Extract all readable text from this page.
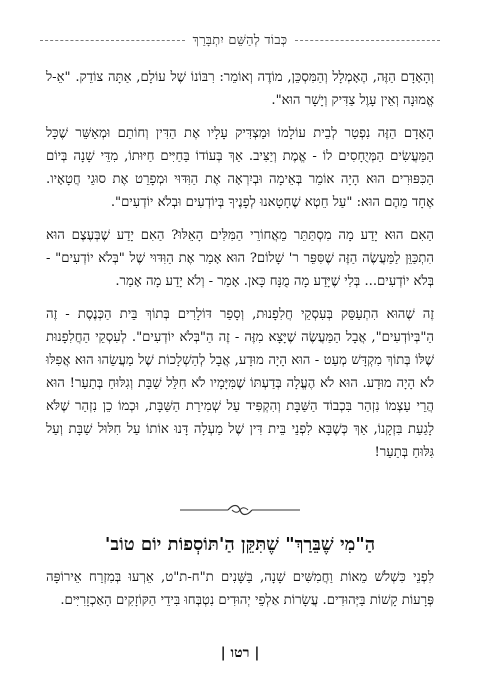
כְּבוֹד לְהַשֵּׁם יִתְבָּרַךְ

וְהָאָדָם הַזֶּה, הֶאָמְלָל וְהַמִּסְכֵּן, מוֹדֶה וְאוֹמֵר: רִבּוֹנוֹ שֶׁל עוֹלָם, אַתָּה צוֹדֵק. "אֵ-ל אֱמוּנָה וְאֵין עָוֶל צַדִּיק וְיָשָׁר הוּא".

הָאָדָם הַזֶּה נִפְטַר לְבֵית עוֹלָמוֹ וּמַצְדִּיק עָלָיו אֶת הַדִּין וְחוֹתֵם וּמְאַשֵּׁר שֶׁכָּל הַמַּעֲשִׂים הַמְּיֻחָסִים לוֹ - אֱמֶת וְיַצִּיב. אַךְ בְּעוֹדוֹ בַּחַיִּים חַיּוּתוֹ, מִדֵּי שָׁנָה בְּיוֹם הַכִּפּוּרִים הוּא הָיָה אוֹמֵר בְּאֵימָה וּבְיִרְאָה אֶת הַוִּדּוּי וּמְפָרֵט אֶת סוּגֵי חֲטָאָיו. אֶחָד מֵהֶם הוּא: "עַל חֵטְא שֶׁחָטָאנוּ לְפָנֶיךָ בְּיוֹדְעִים וּבְלֹא יוֹדְעִים".

הַאִם הוּא יָדַע מָה מִסְתַּתֵּר מֵאֲחוֹרֵי הַמִּלִּים הָאֵלּוּ? הַאִם יָדַע שֶׁבְּעֶצֶם הוּא הִתְכַּוֵּן לַמַּעֲשֶׂה הַזֶּה שֶׁסִּפֵּר ר' שָׁלוֹם? הוּא אָמַר אֶת הַוִּדּוּי שֶׁל "בְּלֹא יוֹדְעִים" - בְּלֹא יוֹדְעִים... בְּלִי שֶׁיָּדַע מָה מֻנָּח כָּאן. אָמַר - וְלֹא יָדַע מָה אָמַר.

זֶה שֶׁהוּא הִתְעַסֵּק בְּעִסְקֵי חֲלִפָנוּת, וְסָפַר דּוֹלָרִים בְּתוֹךְ בֵּית הַכְּנֶסֶת - זֶה הַ"בְּיוֹדְעִים", אֲבָל הַמַּעֲשֶׂה שֶׁיָּצָא מִזֶּה - זֶה הַ"בְּלֹא יוֹדְעִים". לְעִסְקֵי הַחֲלִפָנוּת שֶׁלּוֹ בְּתוֹךְ מִקְדָּשׁ מְעַט - הוּא הָיָה מוּדָע, אֲבָל לְהַשְׁלָכוֹת שֶׁל מַעֲשֵׂהוּ הוּא אֲפִלּוּ לֹא הָיָה מוּדָע. הוּא לֹא הֶעֱלָה בְּדַעְתּוֹ שֶׁמִּיָּמָיו לֹא חִלֵּל שַׁבָּת וְגִלּוּחַ בְּתַעַר! הוּא הֲרֵי עַצְמוֹ נִזְהַר בִּכְבוֹד הַשַּׁבָּת וְהִקְפִּיד עַל שְׁמִירַת הַשַּׁבָּת, וּכְמוֹ כֵן נִזְהַר שֶׁלֹּא לָגַעַת בִּזְקָנוֹ, אַךְ כְּשֶׁבָּא לִפְנֵי בֵּית דִּין שֶׁל מַעְלָה דָּנוּ אוֹתוֹ עַל חִלּוּל שַׁבָּת וְעַל גִּלּוּחַ בְּתַעַר!

הַ"מִי שֶׁבֵּרַךְ" שֶׁתִּקֵּן הַ'תּוֹסְפוֹת יוֹם טוֹב'

לִפְנֵי כִּשְׁלֹשׁ מֵאוֹת וַחֲמִשִּׁים שָׁנָה, בַּשָּׁנִים ת"ח-ת"ט, אֵרְעוּ בְּמִזְרַח אֵירוֹפָּה פְּרָעוֹת קָשׁוֹת בַּיְּהוּדִים. עֲשָׂרוֹת אַלְפֵי יְהוּדִים נִטְבְּחוּ בִּידֵי הַקּוֹזָקִים הָאַכְזָרִיִּים.

| רטו |
